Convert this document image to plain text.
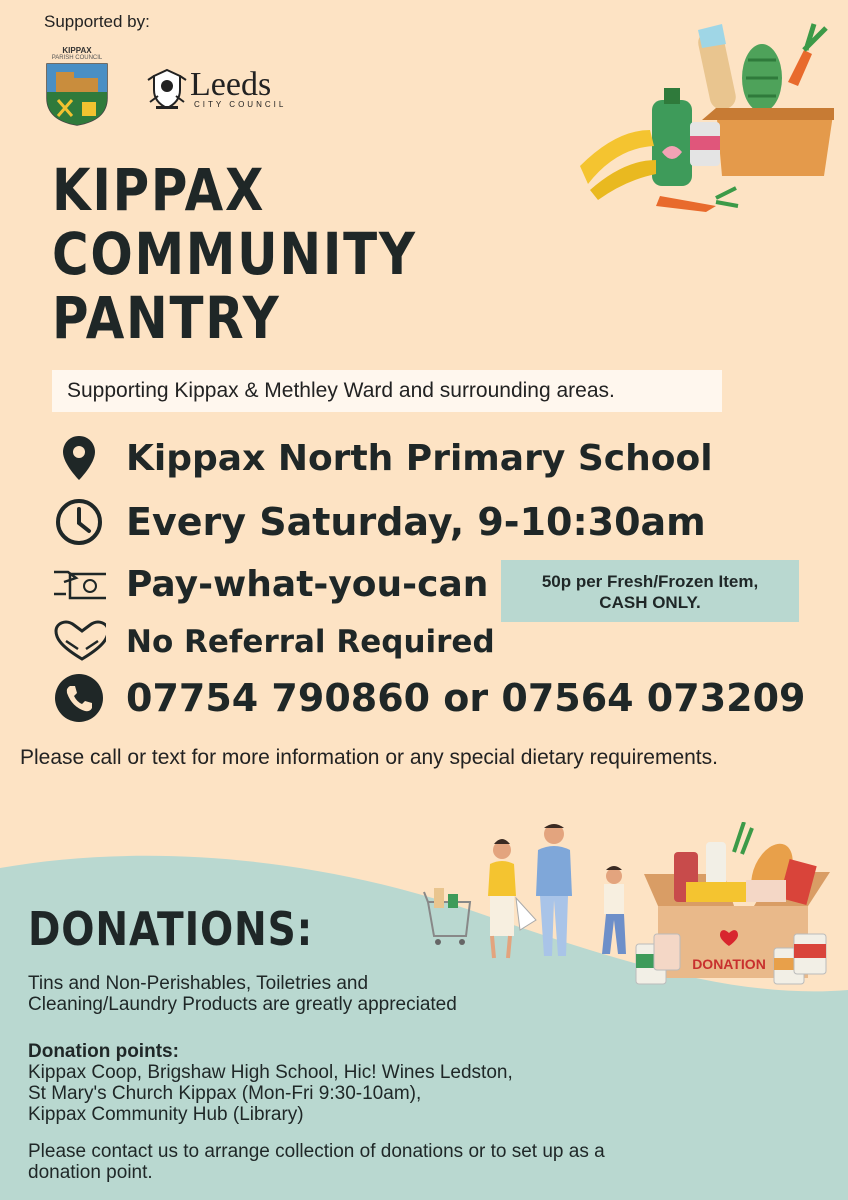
Supported by:
KIPPAX
PARISH COUNCIL
Leeds
CITY COUNCIL
KIPPAX
COMMUNITY
PANTRY
Supporting Kippax & Methley Ward and surrounding areas.
Kippax North Primary School
Every Saturday, 9-10:30am
Pay-what-you-can	50p per Fresh/Frozen Item,
CASH ONLY.
No Referral Required
07754 790860 or 07564 073209
Please call or text for more information or any special dietary requirements.
DONATION
DONATIONS:
Tins and Non-Perishables, Toiletries and
Cleaning/Laundry Products are greatly appreciated
Donation points:
Kippax Coop, Brigshaw High School, Hic! Wines Ledston,
St Mary's Church Kippax (Mon-Fri 9:30-10am),
Kippax Community Hub (Library)
Please contact us to arrange collection of donations or to set up as a
donation point.
